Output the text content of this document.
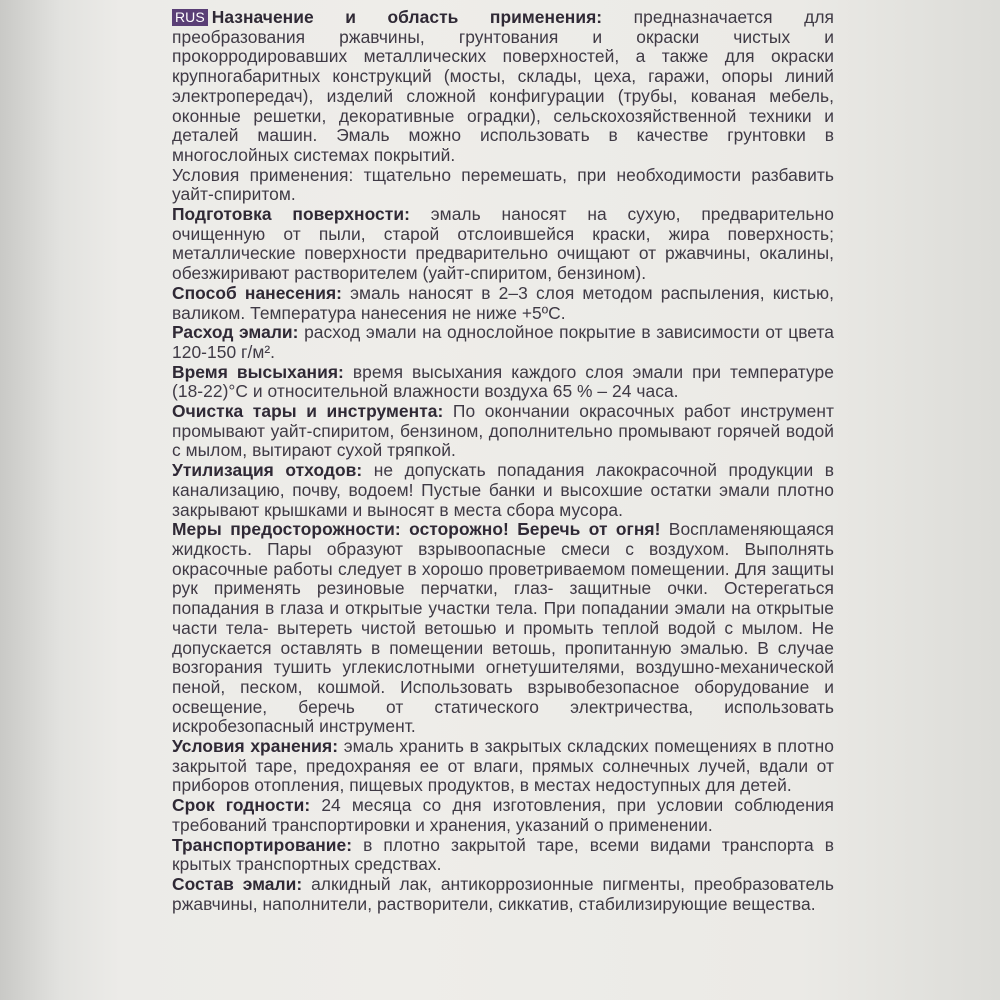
RUS Назначение и область применения: предназначается для преобразования ржавчины, грунтования и окраски чистых и прокорродировавших металлических поверхностей, а также для окраски крупногабаритных конструкций (мосты, склады, цеха, гаражи, опоры линий электропередач), изделий сложной конфигурации (трубы, кованая мебель, оконные решетки, декоративные оградки), сельскохозяйственной техники и деталей машин. Эмаль можно использовать в качестве грунтовки в многослойных системах покрытий.

Условия применения: тщательно перемешать, при необходимости разбавить уайт-спиритом.

Подготовка поверхности: эмаль наносят на сухую, предварительно очищенную от пыли, старой отслоившейся краски, жира поверхность; металлические поверхности предварительно очищают от ржавчины, окалины, обезжиривают растворителем (уайт-спиритом, бензином).

Способ нанесения: эмаль наносят в 2–3 слоя методом распыления, кистью, валиком. Температура нанесения не ниже +5ºС.

Расход эмали: расход эмали на однослойное покрытие в зависимости от цвета 120-150 г/м².

Время высыхания: время высыхания каждого слоя эмали при температуре (18-22)°С и относительной влажности воздуха 65 % – 24 часа.

Очистка тары и инструмента: По окончании окрасочных работ инструмент промывают уайт-спиритом, бензином, дополнительно промывают горячей водой с мылом, вытирают сухой тряпкой.

Утилизация отходов: не допускать попадания лакокрасочной продукции в канализацию, почву, водоем! Пустые банки и высохшие остатки эмали плотно закрывают крышками и выносят в места сбора мусора.

Меры предосторожности: осторожно! Беречь от огня! Воспламеняющаяся жидкость. Пары образуют взрывоопасные смеси с воздухом. Выполнять окрасочные работы следует в хорошо проветриваемом помещении. Для защиты рук применять резиновые перчатки, глаз- защитные очки. Остерегаться попадания в глаза и открытые участки тела. При попадании эмали на открытые части тела- вытереть чистой ветошью и промыть теплой водой с мылом. Не допускается оставлять в помещении ветошь, пропитанную эмалью. В случае возгорания тушить углекислотными огнетушителями, воздушно-механической пеной, песком, кошмой. Использовать взрывобезопасное оборудование и освещение, беречь от статического электричества, использовать искробезопасный инструмент.

Условия хранения: эмаль хранить в закрытых складских помещениях в плотно закрытой таре, предохраняя ее от влаги, прямых солнечных лучей, вдали от приборов отопления, пищевых продуктов, в местах недоступных для детей.

Срок годности: 24 месяца со дня изготовления, при условии соблюдения требований транспортировки и хранения, указаний о применении.

Транспортирование: в плотно закрытой таре, всеми видами транспорта в крытых транспортных средствах.

Состав эмали: алкидный лак, антикоррозионные пигменты, преобразователь ржавчины, наполнители, растворители, сиккатив, стабилизирующие вещества.
